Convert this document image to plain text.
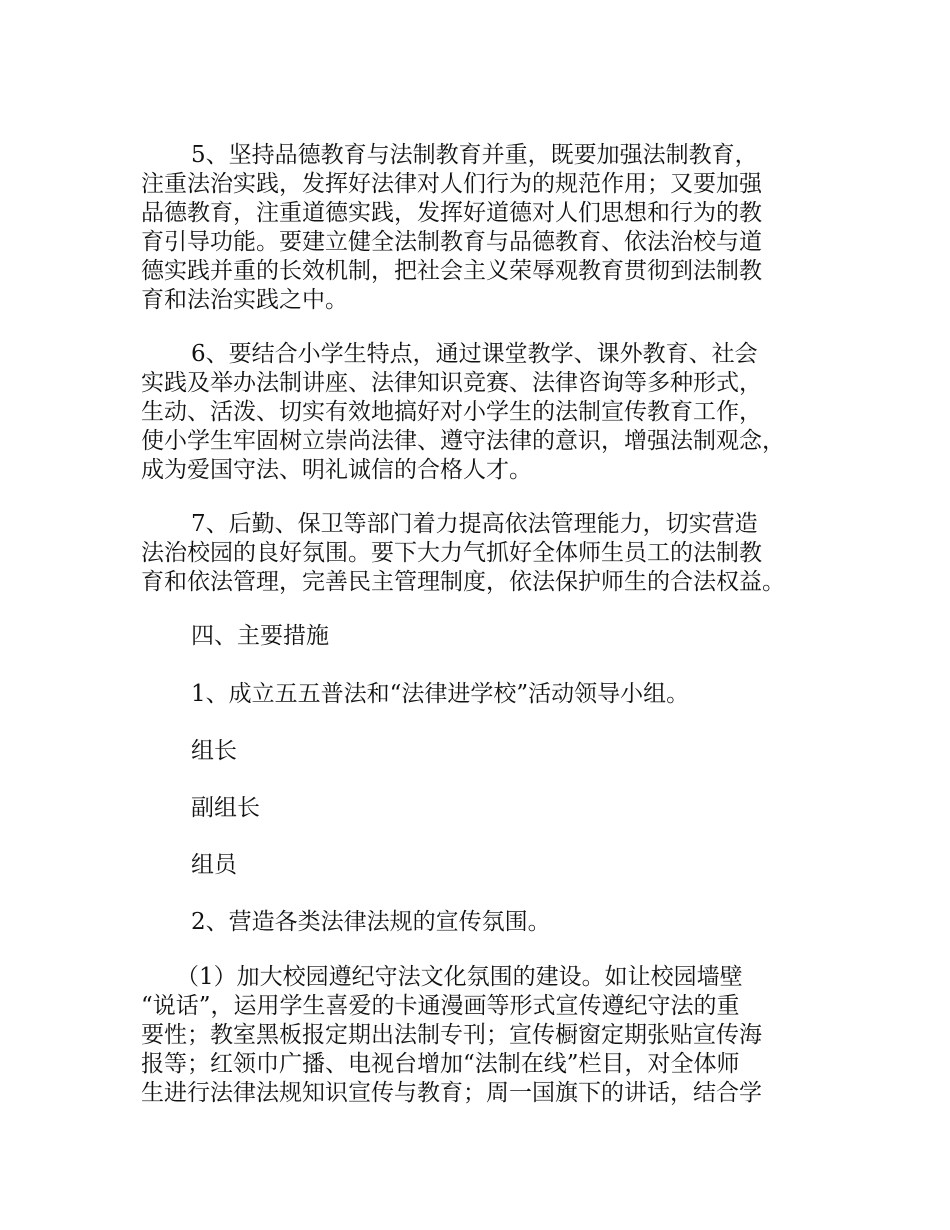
5、坚持品德教育与法制教育并重，既要加强法制教育，
注重法治实践，发挥好法律对人们行为的规范作用；又要加强
品德教育，注重道德实践，发挥好道德对人们思想和行为的教
育引导功能。要建立健全法制教育与品德教育、依法治校与道
德实践并重的长效机制，把社会主义荣辱观教育贯彻到法制教
育和法治实践之中。
6、要结合小学生特点，通过课堂教学、课外教育、社会
实践及举办法制讲座、法律知识竞赛、法律咨询等多种形式，
生动、活泼、切实有效地搞好对小学生的法制宣传教育工作，
使小学生牢固树立崇尚法律、遵守法律的意识，增强法制观念，
成为爱国守法、明礼诚信的合格人才。
7、后勤、保卫等部门着力提高依法管理能力，切实营造
法治校园的良好氛围。要下大力气抓好全体师生员工的法制教
育和依法管理，完善民主管理制度，依法保护师生的合法权益。

四、主要措施

1、成立五五普法和“法律进学校”活动领导小组。

组长

副组长

组员

2、营造各类法律法规的宣传氛围。

（1）加大校园遵纪守法文化氛围的建设。如让校园墙壁
“说话”，运用学生喜爱的卡通漫画等形式宣传遵纪守法的重
要性；教室黑板报定期出法制专刊；宣传橱窗定期张贴宣传海
报等；红领巾广播、电视台增加“法制在线”栏目，对全体师
生进行法律法规知识宣传与教育；周一国旗下的讲话，结合学
